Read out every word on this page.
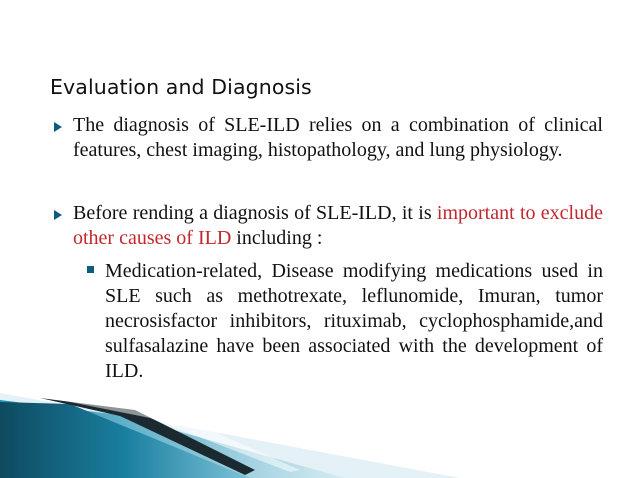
Evaluation and Diagnosis
The diagnosis of SLE-ILD relies on a combination of clinical features, chest imaging, histopathology, and lung physiology.
Before rending a diagnosis of SLE-ILD, it is important to exclude other causes of ILD including :
Medication-related, Disease modifying medications used in SLE such as methotrexate, leflunomide, Imuran, tumor necrosisfactor inhibitors, rituximab, cyclophosphamide,and sulfasalazine have been associated with the development of ILD.
